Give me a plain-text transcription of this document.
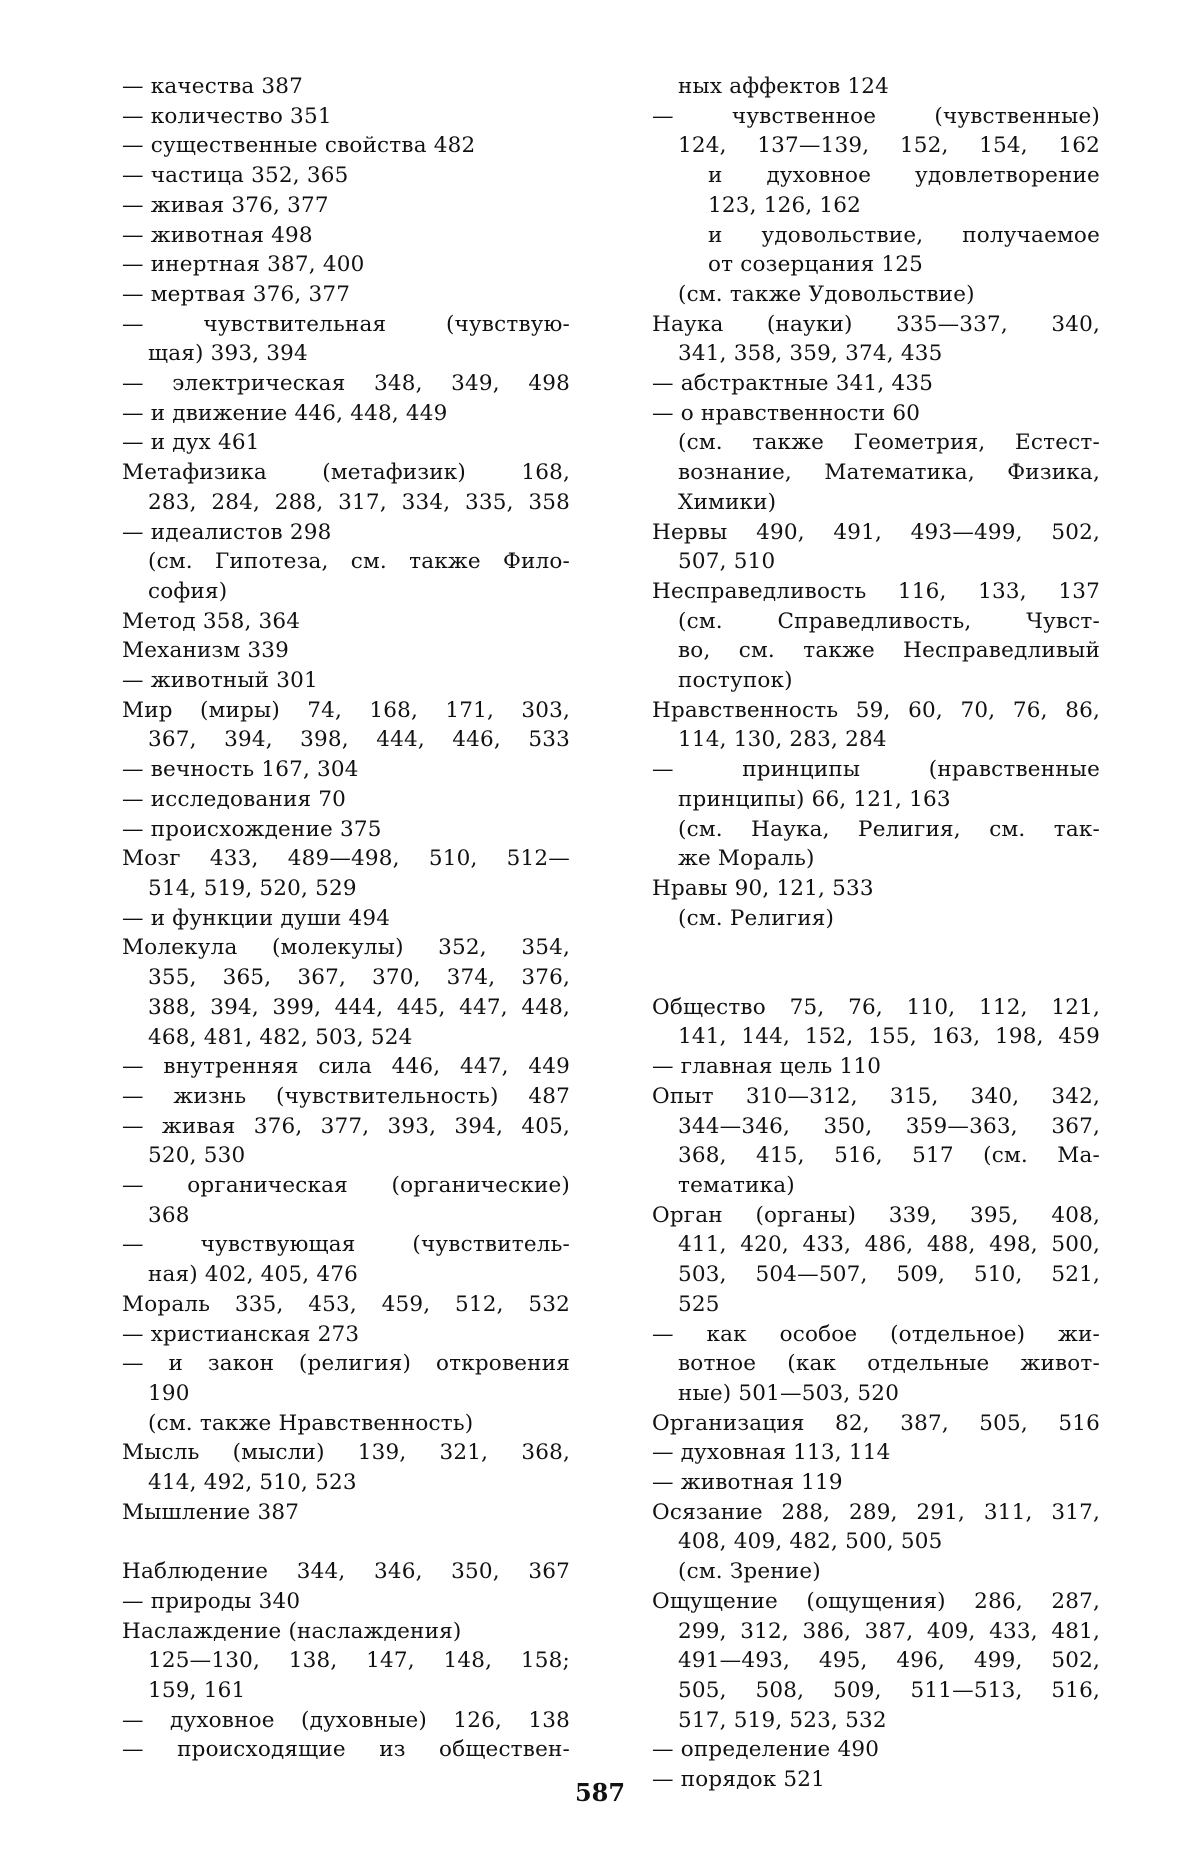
— качества 387
— количество 351
— существенные свойства 482
— частица 352, 365
— живая 376, 377
— животная 498
— инертная 387, 400
— мертвая 376, 377
— чувствительная (чувствую-
щая) 393, 394
— электрическая 348, 349, 498
— и движение 446, 448, 449
— и дух 461
Метафизика (метафизик) 168,
283, 284, 288, 317, 334, 335, 358
— идеалистов 298
(см. Гипотеза, см. также Фило-
софия)
Метод 358, 364
Механизм 339
— животный 301
Мир (миры) 74, 168, 171, 303,
367, 394, 398, 444, 446, 533
— вечность 167, 304
— исследования 70
— происхождение 375
Мозг 433, 489—498, 510, 512—
514, 519, 520, 529
— и функции души 494
Молекула (молекулы) 352, 354,
355, 365, 367, 370, 374, 376,
388, 394, 399, 444, 445, 447, 448,
468, 481, 482, 503, 524
— внутренняя сила 446, 447, 449
— жизнь (чувствительность) 487
— живая 376, 377, 393, 394, 405,
520, 530
— органическая (органические)
368
— чувствующая (чувствитель-
ная) 402, 405, 476
Мораль 335, 453, 459, 512, 532
— христианская 273
— и закон (религия) откровения
190
(см. также Нравственность)
Мысль (мысли) 139, 321, 368,
414, 492, 510, 523
Мышление 387
Наблюдение 344, 346, 350, 367
— природы 340
Наслаждение (наслаждения)
125—130, 138, 147, 148, 158;
159, 161
— духовное (духовные) 126, 138
— происходящие из обществен-
ных аффектов 124
— чувственное (чувственные)
124, 137—139, 152, 154, 162
и духовное удовлетворение
123, 126, 162
и удовольствие, получаемое
от созерцания 125
(см. также Удовольствие)
Наука (науки) 335—337, 340,
341, 358, 359, 374, 435
— абстрактные 341, 435
— о нравственности 60
(см. также Геометрия, Естест-
вознание, Математика, Физика,
Химики)
Нервы 490, 491, 493—499, 502,
507, 510
Несправедливость 116, 133, 137
(см. Справедливость, Чувст-
во, см. также Несправедливый
поступок)
Нравственность 59, 60, 70, 76, 86,
114, 130, 283, 284
— принципы (нравственные
принципы) 66, 121, 163
(см. Наука, Религия, см. так-
же Мораль)
Нравы 90, 121, 533
(см. Религия)
Общество 75, 76, 110, 112, 121,
141, 144, 152, 155, 163, 198, 459
— главная цель 110
Опыт 310—312, 315, 340, 342,
344—346, 350, 359—363, 367,
368, 415, 516, 517 (см. Ма-
тематика)
Орган (органы) 339, 395, 408,
411, 420, 433, 486, 488, 498, 500,
503, 504—507, 509, 510, 521,
525
— как особое (отдельное) жи-
вотное (как отдельные живот-
ные) 501—503, 520
Организация 82, 387, 505, 516
— духовная 113, 114
— животная 119
Осязание 288, 289, 291, 311, 317,
408, 409, 482, 500, 505
(см. Зрение)
Ощущение (ощущения) 286, 287,
299, 312, 386, 387, 409, 433, 481,
491—493, 495, 496, 499, 502,
505, 508, 509, 511—513, 516,
517, 519, 523, 532
— определение 490
— порядок 521
587
